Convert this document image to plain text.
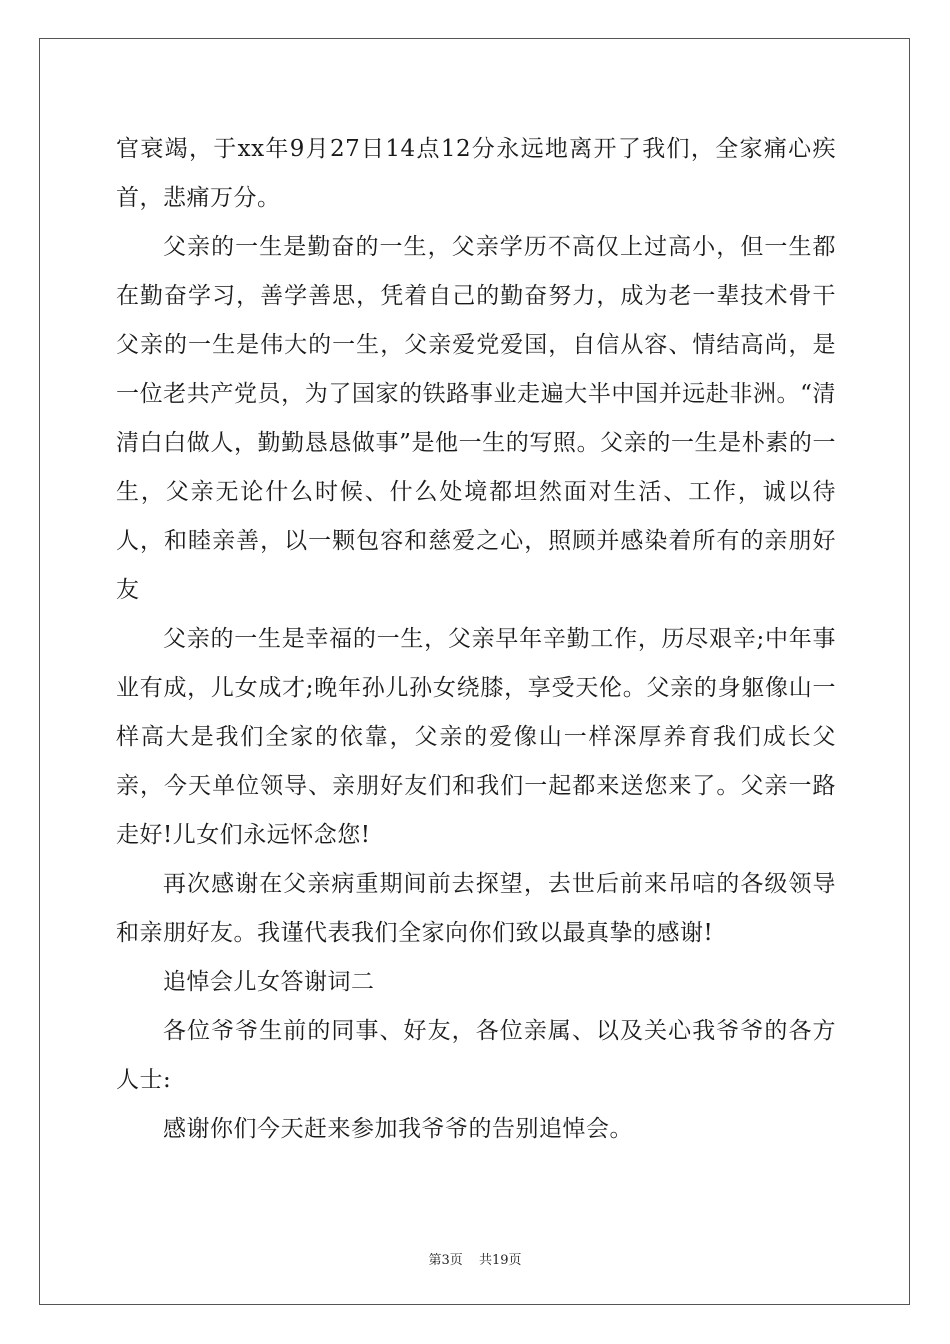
官衰竭，于xx年9月27日14点12分永远地离开了我们，全家痛心疾首，悲痛万分。

父亲的一生是勤奋的一生，父亲学历不高仅上过高小，但一生都在勤奋学习，善学善思，凭着自己的勤奋努力，成为老一辈技术骨干父亲的一生是伟大的一生，父亲爱党爱国，自信从容、情结高尚，是一位老共产党员，为了国家的铁路事业走遍大半中国并远赴非洲。“清清白白做人，勤勤恳恳做事”是他一生的写照。父亲的一生是朴素的一生，父亲无论什么时候、什么处境都坦然面对生活、工作，诚以待人，和睦亲善，以一颗包容和慈爱之心，照顾并感染着所有的亲朋好友

父亲的一生是幸福的一生，父亲早年辛勤工作，历尽艰辛;中年事业有成，儿女成才;晚年孙儿孙女绕膝，享受天伦。父亲的身躯像山一样高大是我们全家的依靠，父亲的爱像山一样深厚养育我们成长父亲，今天单位领导、亲朋好友们和我们一起都来送您来了。父亲一路走好!儿女们永远怀念您!

再次感谢在父亲病重期间前去探望，去世后前来吊唁的各级领导和亲朋好友。我谨代表我们全家向你们致以最真挚的感谢!

追悼会儿女答谢词二

各位爷爷生前的同事、好友，各位亲属、以及关心我爷爷的各方人士:

感谢你们今天赶来参加我爷爷的告别追悼会。

第3页 共19页
